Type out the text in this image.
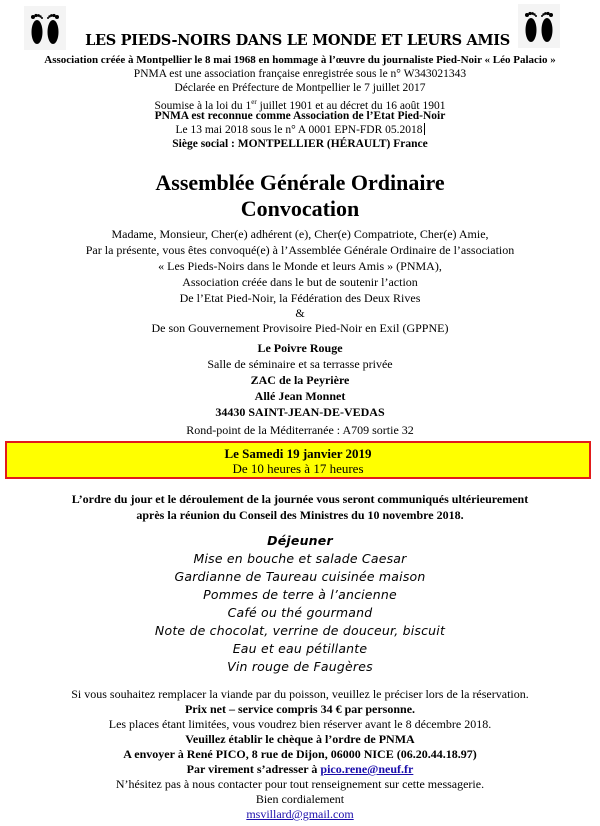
LES PIEDS-NOIRS DANS LE MONDE ET LEURS AMIS
Association créée à Montpellier le 8 mai 1968 en hommage à l’œuvre du journaliste Pied-Noir « Léo Palacio »
PNMA est une association française enregistrée sous le n° W343021343
Déclarée en Préfecture de Montpellier le 7 juillet 2017
Soumise à la loi du 1er juillet 1901 et au décret du 16 août 1901
PNMA est reconnue comme Association de l’Etat Pied-Noir
Le 13 mai 2018 sous le n° A 0001 EPN-FDR 05.2018
Siège social : MONTPELLIER (HÉRAULT) France
Assemblée Générale Ordinaire
Convocation
Madame, Monsieur, Cher(e) adhérent (e), Cher(e) Compatriote, Cher(e) Amie,
Par la présente, vous êtes convoqué(e) à l’Assemblée Générale Ordinaire de l’association
« Les Pieds-Noirs dans le Monde et leurs Amis » (PNMA),
Association créée dans le but de soutenir l’action
De l’Etat Pied-Noir, la Fédération des Deux Rives
&
De son Gouvernement Provisoire Pied-Noir en Exil (GPPNE)
Le Poivre Rouge
Salle de séminaire et sa terrasse privée
ZAC de la Peyrière
Allé Jean Monnet
34430 SAINT-JEAN-DE-VEDAS
Rond-point de la Méditerranée : A709 sortie 32
Le Samedi 19 janvier 2019
De 10 heures à 17 heures
L’ordre du jour et le déroulement de la journée vous seront communiqués ultérieurement
après la réunion du Conseil des Ministres du 10 novembre 2018.
Déjeuner
Mise en bouche et salade Caesar
Gardianne de Taureau cuisinée maison
Pommes de terre à l’ancienne
Café ou thé gourmand
Note de chocolat, verrine de douceur, biscuit
Eau et eau pétillante
Vin rouge de Faugères
Si vous souhaitez remplacer la viande par du poisson, veuillez le préciser lors de la réservation.
Prix net – service compris 34 € par personne.
Les places étant limitées, vous voudrez bien réserver avant le 8 décembre 2018.
Veuillez établir le chèque à l’ordre de PNMA
A envoyer à René PICO, 8 rue de Dijon, 06000 NICE (06.20.44.18.97)
Par virement s’adresser à pico.rene@neuf.fr
N’hésitez pas à nous contacter pour tout renseignement sur cette messagerie.
Bien cordialement
msvillard@gmail.com
